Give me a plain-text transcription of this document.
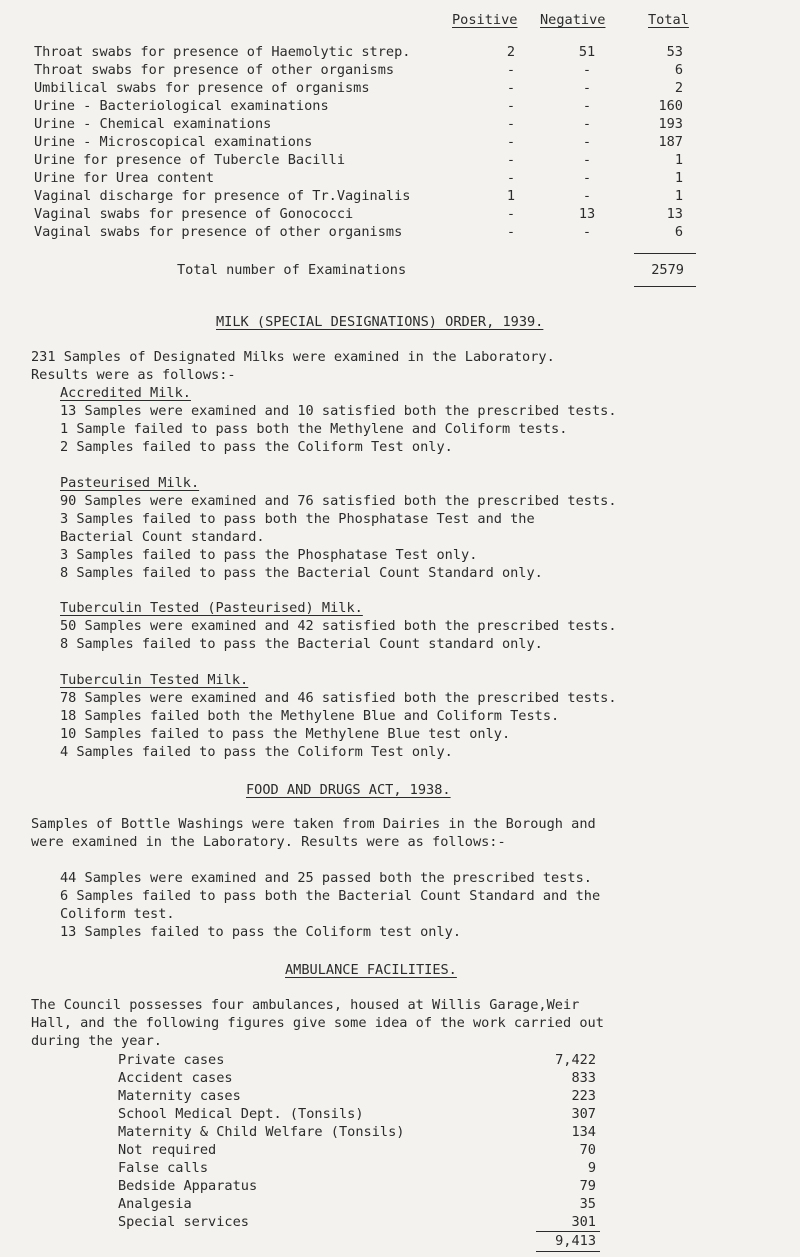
Positive Negative	Total
Throat swabs for presence of Haemolytic strep.	2	51	53
Throat swabs for presence of other organisms	-	-	6
Umbilical swabs for presence of organisms	-	-	2
Urine - Bacteriological examinations	-	-	160
Urine - Chemical examinations	-	-	193
Urine - Microscopical examinations	-	-	187
Urine for presence of Tubercle Bacilli	-	-	1
Urine for Urea content	-	-	1
Vaginal discharge for presence of Tr.Vaginalis	1	-	1
Vaginal swabs for presence of Gonococci	-	13	13
Vaginal swabs for presence of other organisms	-	-	6
Total number of Examinations	2579
MILK (SPECIAL DESIGNATIONS) ORDER, 1939.
231 Samples of Designated Milks were examined in the Laboratory.
Results were as follows:-
Accredited Milk.
13 Samples were examined and 10 satisfied both the prescribed tests.
1 Sample failed to pass both the Methylene and Coliform tests.
2 Samples failed to pass the Coliform Test only.
Pasteurised Milk.
90 Samples were examined and 76 satisfied both the prescribed tests.
3 Samples failed to pass both the Phosphatase Test and the
Bacterial Count standard.
3 Samples failed to pass the Phosphatase Test only.
8 Samples failed to pass the Bacterial Count Standard only.
Tuberculin Tested (Pasteurised) Milk.
50 Samples were examined and 42 satisfied both the prescribed tests.
8 Samples failed to pass the Bacterial Count standard only.
Tuberculin Tested Milk.
78 Samples were examined and 46 satisfied both the prescribed tests.
18 Samples failed both the Methylene Blue and Coliform Tests.
10 Samples failed to pass the Methylene Blue test only.
4 Samples failed to pass the Coliform Test only.
FOOD AND DRUGS ACT, 1938.
Samples of Bottle Washings were taken from Dairies in the Borough and
were examined in the Laboratory. Results were as follows:-
44 Samples were examined and 25 passed both the prescribed tests.
6 Samples failed to pass both the Bacterial Count Standard and the
Coliform test.
13 Samples failed to pass the Coliform test only.
AMBULANCE FACILITIES.
The Council possesses four ambulances, housed at Willis Garage,Weir
Hall, and the following figures give some idea of the work carried out
during the year.
Private cases	7,422
Accident cases	833
Maternity cases	223
School Medical Dept. (Tonsils)	307
Maternity & Child Welfare (Tonsils)	134
Not required	70
False calls	9
Bedside Apparatus	79
Analgesia	35
Special services	301
9,413
